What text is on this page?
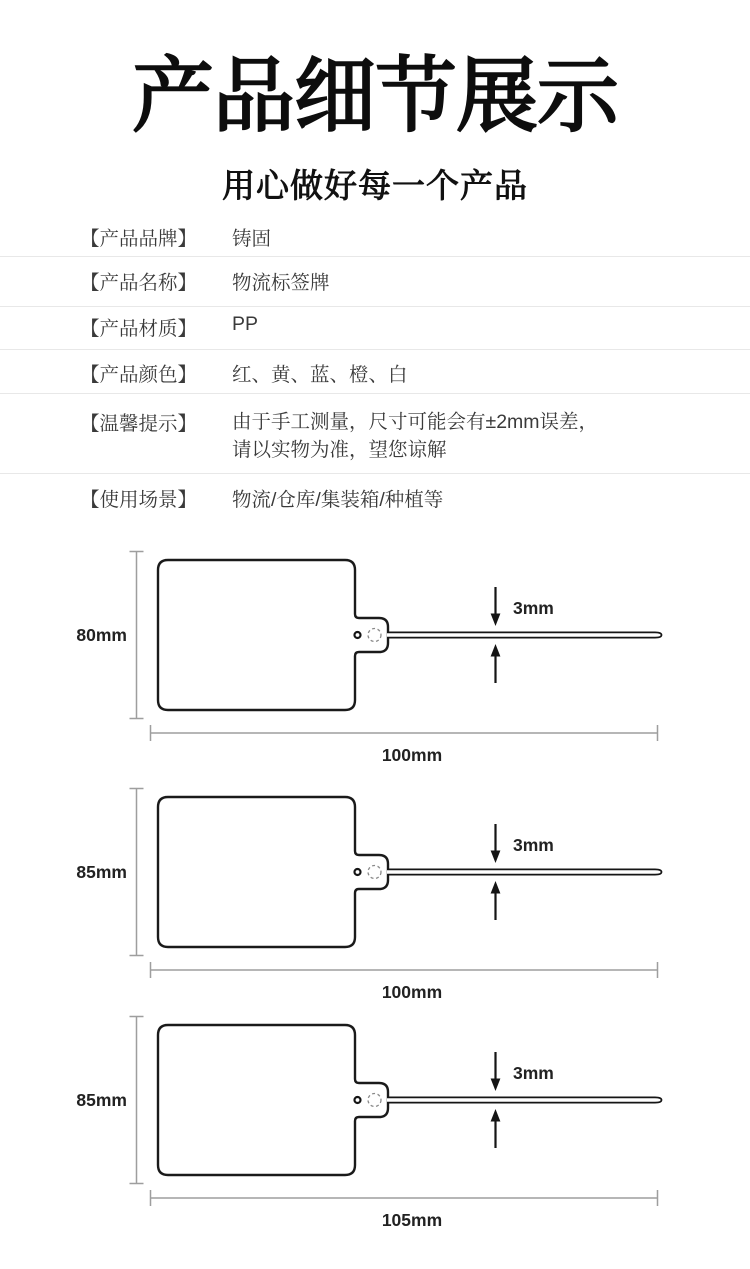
产品细节展示
用心做好每一个产品
【产品品牌】 铸固
【产品名称】 物流标签牌
【产品材质】 PP
【产品颜色】 红、黄、蓝、橙、白
【温馨提示】 由于手工测量，尺寸可能会有±2mm误差，
请以实物为准，望您谅解
【使用场景】 物流/仓库/集装箱/种植等
80mm
3mm
100mm
85mm
3mm
100mm
85mm
3mm
105mm
